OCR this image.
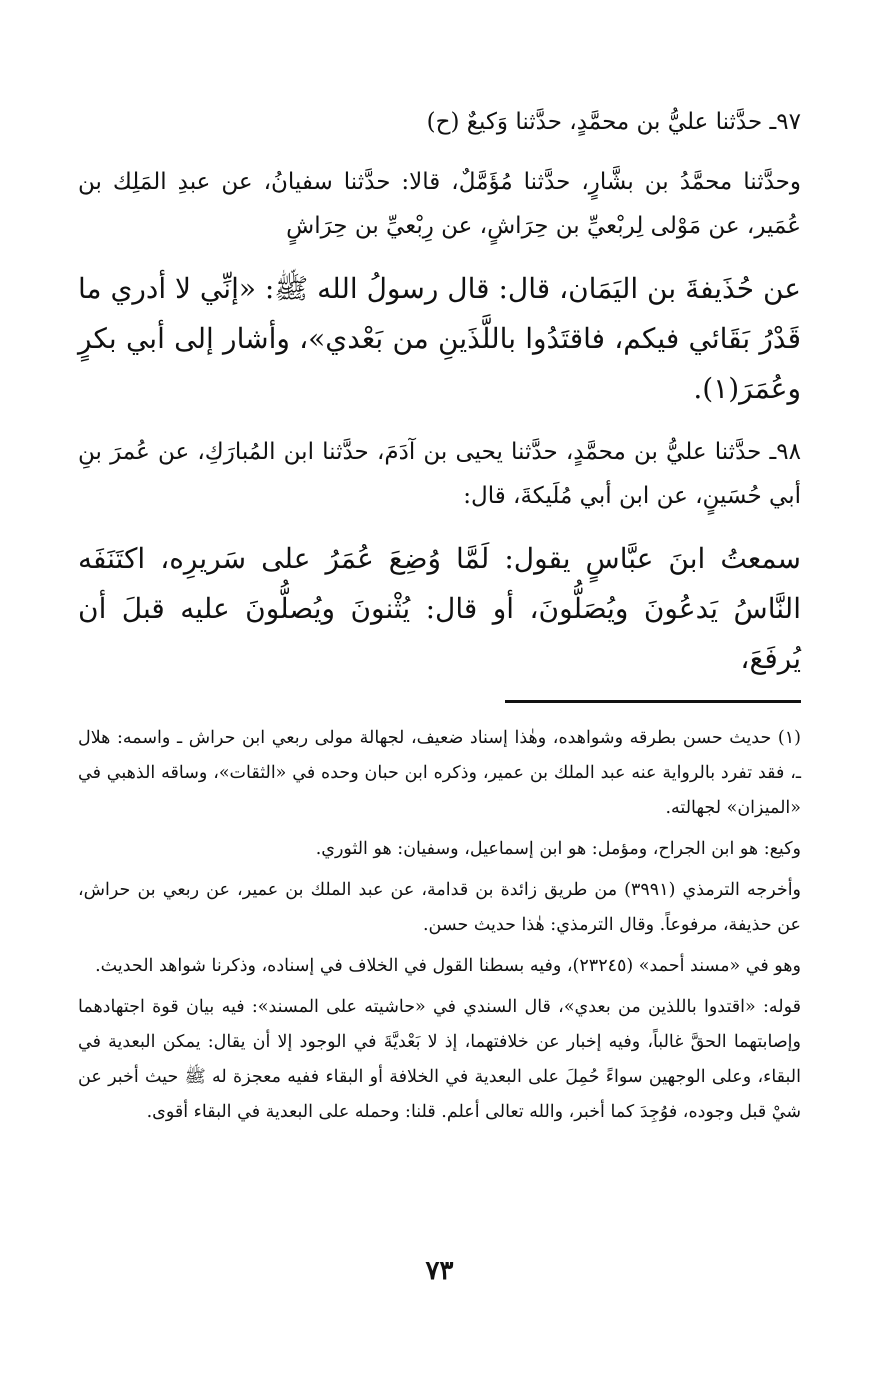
٩٧ـ حدَّثنا عليُّ بن محمَّدٍ، حدَّثنا وَكيعٌ (ح)

وحدَّثنا محمَّدُ بن بشَّارٍ، حدَّثنا مُؤَمَّلٌ، قالا: حدَّثنا سفيانُ، عن عبدِ المَلِك بن عُمَير، عن مَوْلى لِربْعيِّ بن حِرَاشٍ، عن رِبْعيِّ بن حِرَاشٍ

عن حُذَيفةَ بن اليَمَان، قال: قال رسولُ الله ﷺ: «إنِّي لا أدري ما قَدْرُ بَقَائي فيكم، فاقتَدُوا باللَّذَينِ من بَعْدي»، وأشار إلى أبي بكرٍ وعُمَرَ(١).

٩٨ـ حدَّثنا عليُّ بن محمَّدٍ، حدَّثنا يحيى بن آدَمَ، حدَّثنا ابن المُبارَكِ، عن عُمرَ بنِ أبي حُسَينٍ، عن ابن أبي مُلَيكةَ، قال:

سمعتُ ابنَ عبَّاسٍ يقول: لَمَّا وُضِعَ عُمَرُ على سَريرِه، اكتَنَفَه النَّاسُ يَدعُونَ ويُصَلُّونَ، أو قال: يُثْنونَ ويُصلُّونَ عليه قبلَ أن يُرفَعَ،

(١) حديث حسن بطرقه وشواهده، وهٰذا إسناد ضعيف، لجهالة مولى ربعي ابن حراش ـ واسمه: هلال ـ، فقد تفرد بالرواية عنه عبد الملك بن عمير، وذكره ابن حبان وحده في «الثقات»، وساقه الذهبي في «الميزان» لجهالته.

وكيع: هو ابن الجراح، ومؤمل: هو ابن إسماعيل، وسفيان: هو الثوري.

وأخرجه الترمذي (٣٩٩١) من طريق زائدة بن قدامة، عن عبد الملك بن عمير، عن ربعي بن حراش، عن حذيفة، مرفوعاً. وقال الترمذي: هٰذا حديث حسن.

وهو في «مسند أحمد» (٢٣٢٤٥)، وفيه بسطنا القول في الخلاف في إسناده، وذكرنا شواهد الحديث.

قوله: «اقتدوا باللذين من بعدي»، قال السندي في «حاشيته على المسند»: فيه بيان قوة اجتهادهما وإصابتهما الحقَّ غالباً، وفيه إخبار عن خلافتهما، إذ لا بَعْديَّةَ في الوجود إلا أن يقال: يمكن البعدية في البقاء، وعلى الوجهين سواءً حُمِلَ على البعدية في الخلافة أو البقاء ففيه معجزة له ﷺ حيث أخبر عن شيْ قبل وجوده، فوُجِدَ كما أخبر، والله تعالى أعلم. قلنا: وحمله على البعدية في البقاء أقوى.

٧٣
